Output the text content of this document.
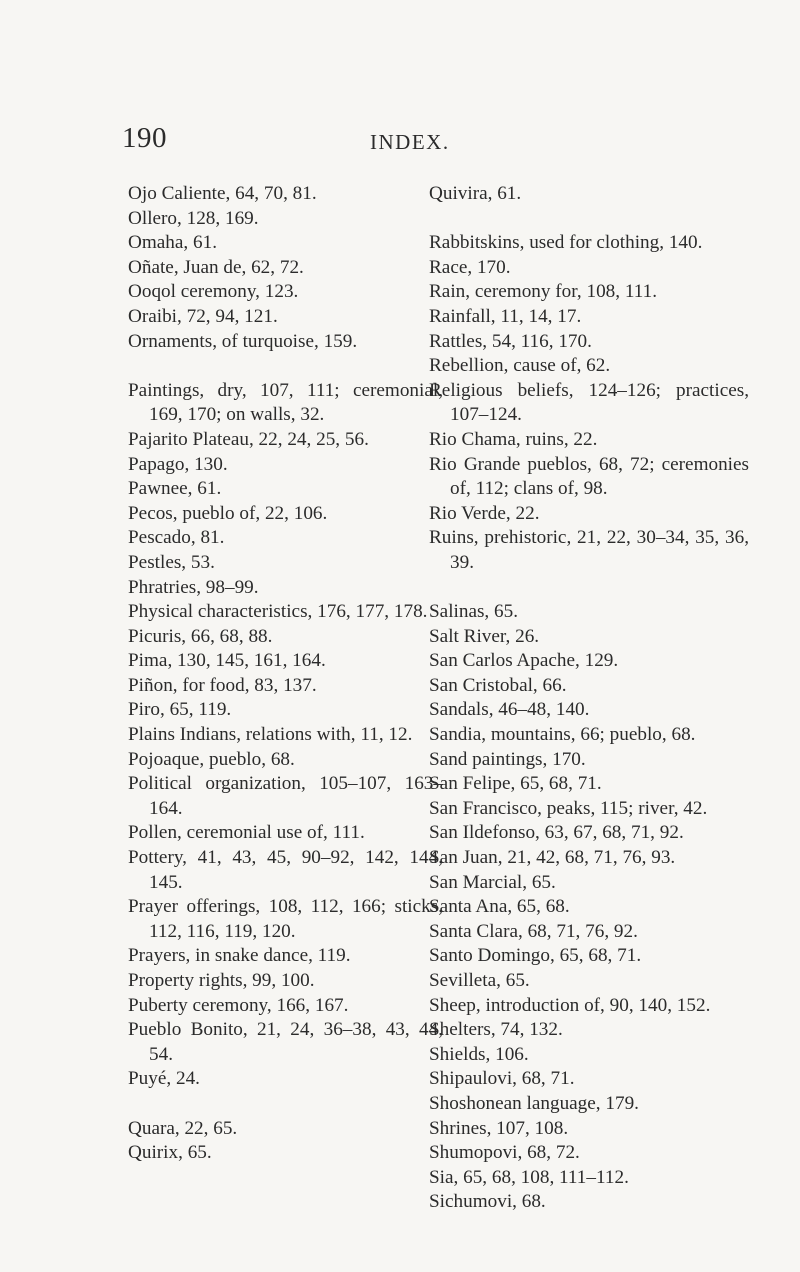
190	INDEX.

Ojo Caliente, 64, 70, 81.

Ollero, 128, 169.

Omaha, 61.

Oñate, Juan de, 62, 72.

Ooqol ceremony, 123.

Oraibi, 72, 94, 121.

Ornaments, of turquoise, 159.

Paintings, dry, 107, 111; ceremonial, 169, 170; on walls, 32.

Pajarito Plateau, 22, 24, 25, 56.

Papago, 130.

Pawnee, 61.

Pecos, pueblo of, 22, 106.

Pescado, 81.

Pestles, 53.

Phratries, 98–99.

Physical characteristics, 176, 177, 178.

Picuris, 66, 68, 88.

Pima, 130, 145, 161, 164.

Piñon, for food, 83, 137.

Piro, 65, 119.

Plains Indians, relations with, 11, 12.

Pojoaque, pueblo, 68.

Political organization, 105–107, 163–164.

Pollen, ceremonial use of, 111.

Pottery, 41, 43, 45, 90–92, 142, 144, 145.

Prayer offerings, 108, 112, 166; sticks, 112, 116, 119, 120.

Prayers, in snake dance, 119.

Property rights, 99, 100.

Puberty ceremony, 166, 167.

Pueblo Bonito, 21, 24, 36–38, 43, 44, 54.

Puyé, 24.

Quara, 22, 65.

Quirix, 65.

Quivira, 61.

Rabbitskins, used for clothing, 140.

Race, 170.

Rain, ceremony for, 108, 111.

Rainfall, 11, 14, 17.

Rattles, 54, 116, 170.

Rebellion, cause of, 62.

Religious beliefs, 124–126; practices, 107–124.

Rio Chama, ruins, 22.

Rio Grande pueblos, 68, 72; ceremonies of, 112; clans of, 98.

Rio Verde, 22.

Ruins, prehistoric, 21, 22, 30–34, 35, 36, 39.

Salinas, 65.

Salt River, 26.

San Carlos Apache, 129.

San Cristobal, 66.

Sandals, 46–48, 140.

Sandia, mountains, 66; pueblo, 68.

Sand paintings, 170.

San Felipe, 65, 68, 71.

San Francisco, peaks, 115; river, 42.

San Ildefonso, 63, 67, 68, 71, 92.

San Juan, 21, 42, 68, 71, 76, 93.

San Marcial, 65.

Santa Ana, 65, 68.

Santa Clara, 68, 71, 76, 92.

Santo Domingo, 65, 68, 71.

Sevilleta, 65.

Sheep, introduction of, 90, 140, 152.

Shelters, 74, 132.

Shields, 106.

Shipaulovi, 68, 71.

Shoshonean language, 179.

Shrines, 107, 108.

Shumopovi, 68, 72.

Sia, 65, 68, 108, 111–112.

Sichumovi, 68.
